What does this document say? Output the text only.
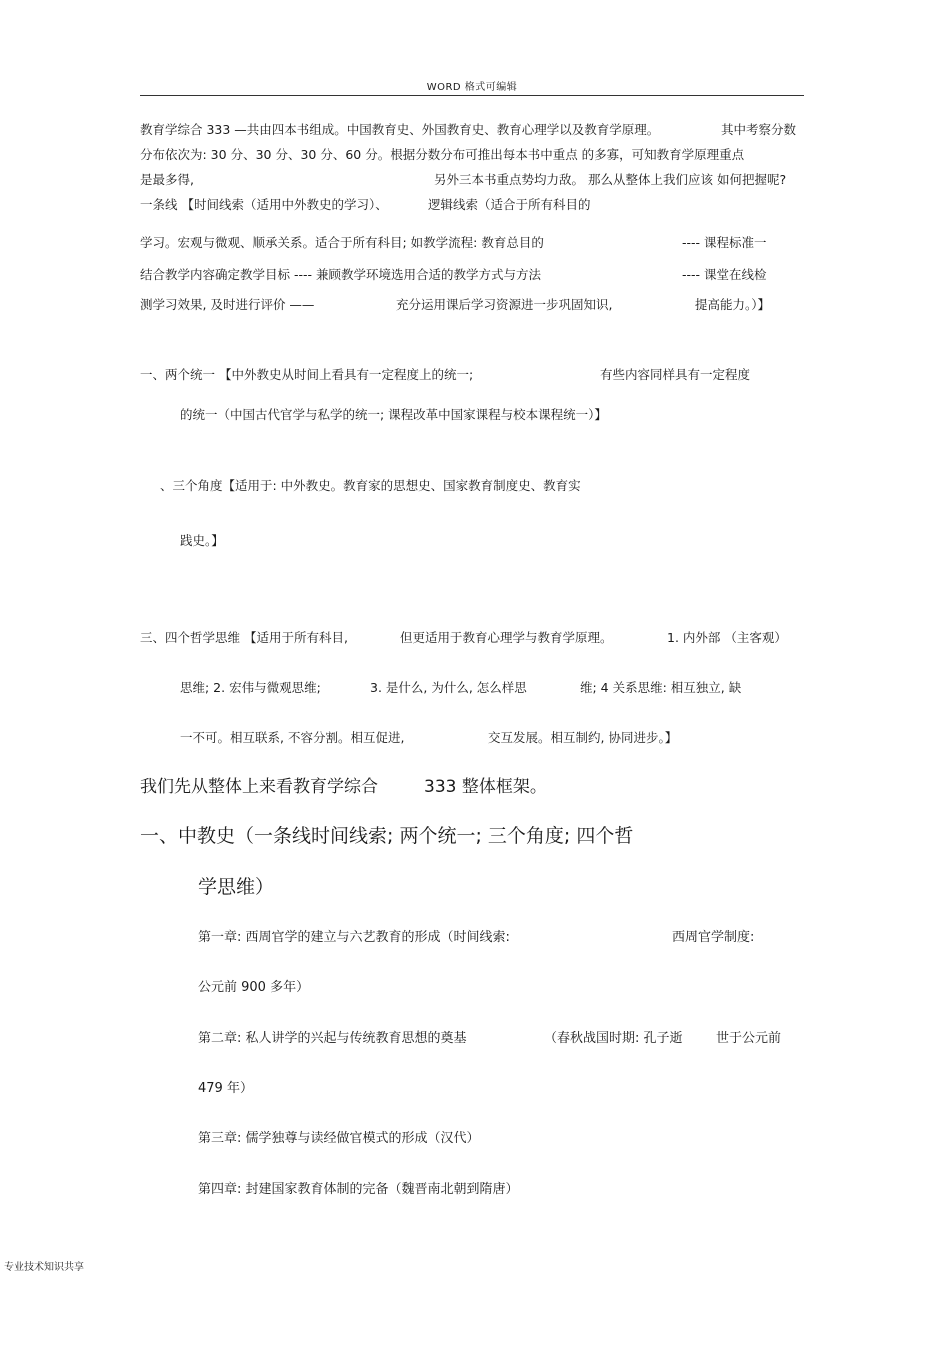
WORD 格式可编辑
教育学综合 333 —共由四本书组成。中国教育史、外国教育史、教育心理学以及教育学原理。	其中考察分数
分布依次为: 30 分、30 分、30 分、60 分。根据分数分布可推出每本书中重点 的多寡，可知教育学原理重点
是最多得,	另外三本书重点势均力敌。 那么从整体上我们应该 如何把握呢?
一条线 【时间线索（适用中外教史的学习）、	逻辑线索（适合于所有科目的
学习。宏观与微观、顺承关系。适合于所有科目; 如教学流程: 教育总目的	---- 课程标准一
结合教学内容确定教学目标 ---- 兼顾教学环境选用合适的教学方式与方法	---- 课堂在线检
测学习效果, 及时进行评价 ——	充分运用课后学习资源进一步巩固知识,	提高能力。）】
一、两个统一 【中外教史从时间上看具有一定程度上的统一;	有些内容同样具有一定程度
的统一（中国古代官学与私学的统一; 课程改革中国家课程与校本课程统一）】
、三个角度【适用于: 中外教史。教育家的思想史、国家教育制度史、教育实
践史。】
三、四个哲学思维 【适用于所有科目,	但更适用于教育心理学与教育学原理。	1. 内外部 （主客观）
思维; 2. 宏伟与微观思维;	3. 是什么, 为什么, 怎么样思	维; 4 关系思维: 相互独立, 缺
一不可。相互联系, 不容分割。相互促进,	交互发展。相互制约, 协同进步。】
我们先从整体上来看教育学综合	333 整体框架。
一、中教史（一条线时间线索; 两个统一; 三个角度; 四个哲
学思维）
第一章: 西周官学的建立与六艺教育的形成（时间线索:	西周官学制度:
公元前 900 多年）
第二章: 私人讲学的兴起与传统教育思想的奠基	（春秋战国时期: 孔子逝	世于公元前
479 年）
第三章: 儒学独尊与读经做官模式的形成（汉代）
第四章: 封建国家教育体制的完备（魏晋南北朝到隋唐）
专业技术知识共享
